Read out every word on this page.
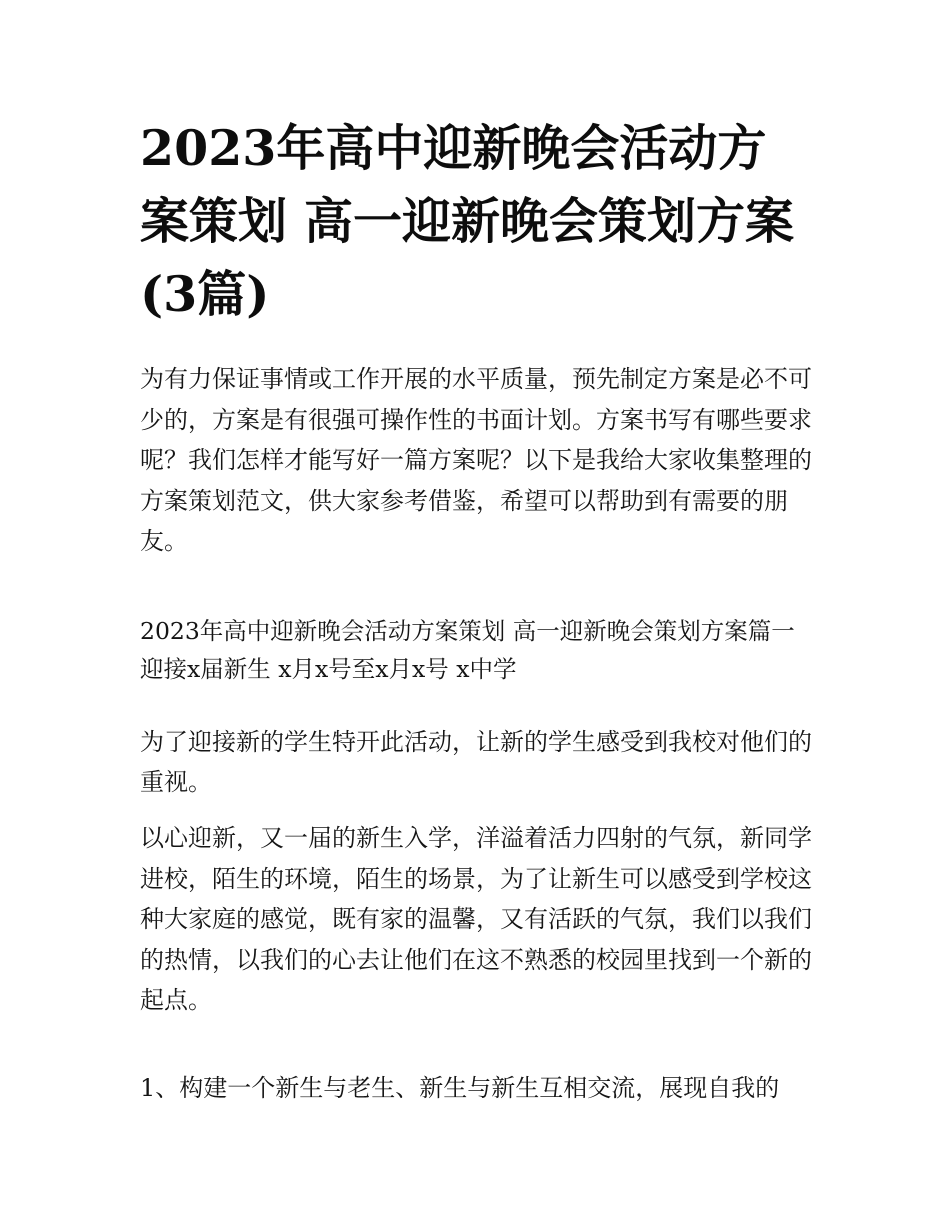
2023年高中迎新晚会活动方案策划 高一迎新晚会策划方案(3篇)

为有力保证事情或工作开展的水平质量，预先制定方案是必不可少的，方案是有很强可操作性的书面计划。方案书写有哪些要求呢？我们怎样才能写好一篇方案呢？以下是我给大家收集整理的方案策划范文，供大家参考借鉴，希望可以帮助到有需要的朋友。

2023年高中迎新晚会活动方案策划 高一迎新晚会策划方案篇一 迎接x届新生 x月x号至x月x号 x中学

为了迎接新的学生特开此活动，让新的学生感受到我校对他们的重视。

以心迎新，又一届的新生入学，洋溢着活力四射的气氛，新同学进校，陌生的环境，陌生的场景，为了让新生可以感受到学校这种大家庭的感觉，既有家的温馨，又有活跃的气氛，我们以我们的热情，以我们的心去让他们在这不熟悉的校园里找到一个新的起点。

1、构建一个新生与老生、新生与新生互相交流，展现自我的
